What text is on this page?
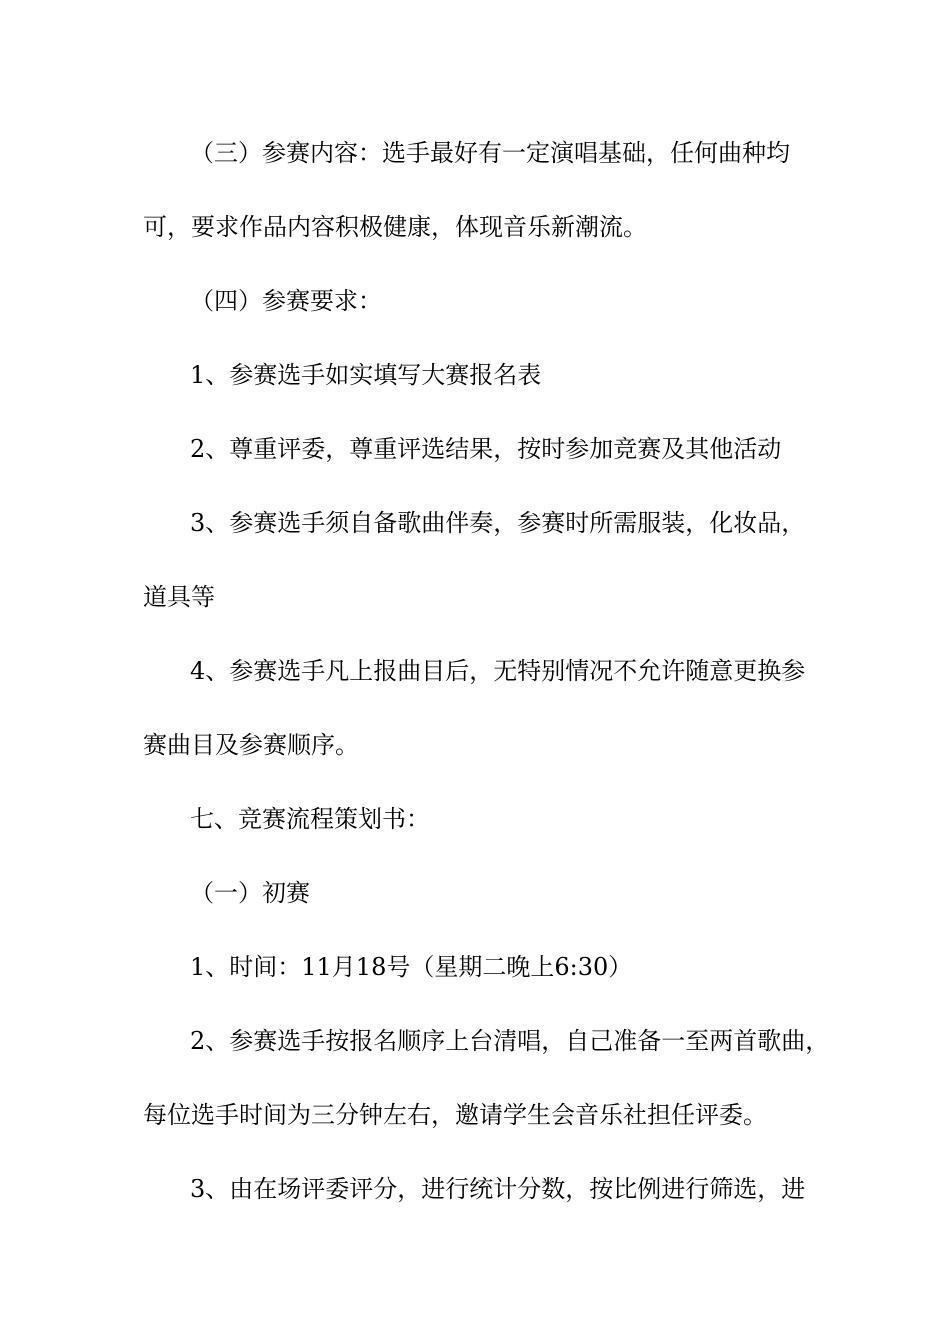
（三）参赛内容：选手最好有一定演唱基础，任何曲种均

可，要求作品内容积极健康，体现音乐新潮流。

（四）参赛要求：

1、参赛选手如实填写大赛报名表

2、尊重评委，尊重评选结果，按时参加竞赛及其他活动

3、参赛选手须自备歌曲伴奏，参赛时所需服装，化妆品，

道具等

4、参赛选手凡上报曲目后，无特别情况不允许随意更换参

赛曲目及参赛顺序。

七、竞赛流程策划书：

（一）初赛

1、时间：11月18号（星期二晚上6:30）

2、参赛选手按报名顺序上台清唱，自己准备一至两首歌曲，

每位选手时间为三分钟左右，邀请学生会音乐社担任评委。

3、由在场评委评分，进行统计分数，按比例进行筛选，进
